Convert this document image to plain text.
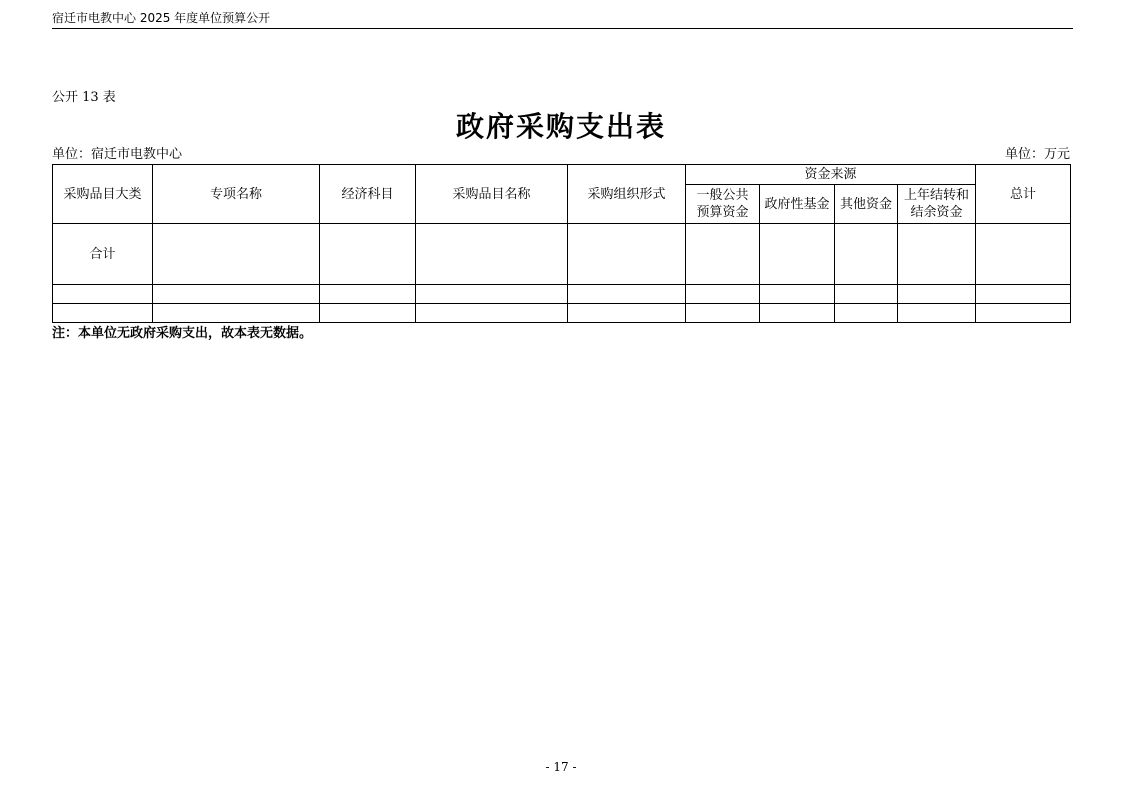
宿迁市电教中心 2025 年度单位预算公开
公开 13 表
政府采购支出表
单位：宿迁市电教中心	单位：万元
采购品目大类	专项名称	经济科目	采购品目名称	采购组织形式	资金来源				总计
					一般公共预算资金	政府性基金	其他资金	上年结转和结余资金	
合计									

注：本单位无政府采购支出，故本表无数据。
- 17 -
